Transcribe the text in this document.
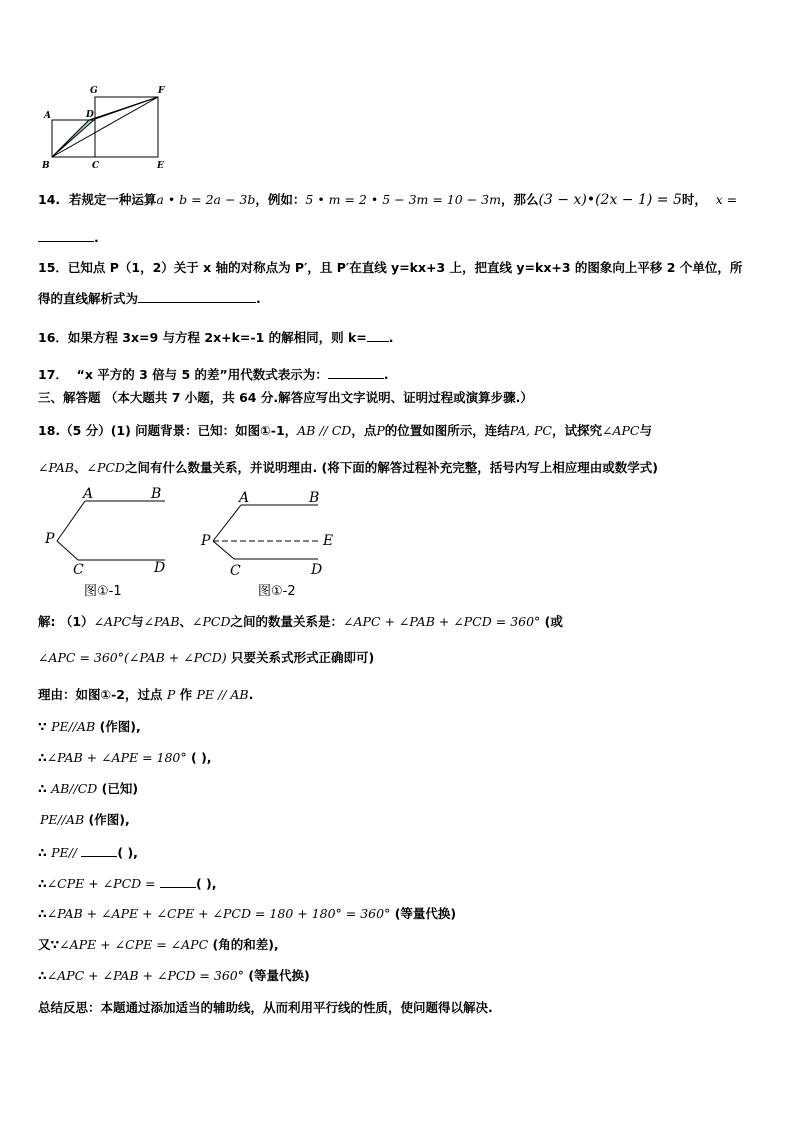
A
B	C
D
E
F
G
14. 若规定一种运算a • b = 2a − 3b，例如：5 • m = 2 • 5 − 3m = 10 − 3m，那么(3 − x)•(2x − 1) = 5时， x =
.
15．已知点 P（1，2）关于 x 轴的对称点为 P′，且 P′在直线 y=kx+3 上，把直线 y=kx+3 的图象向上平移 2 个单位，所
得的直线解析式为	.
16．如果方程 3x=9 与方程 2x+k=-1 的解相同，则 k= .
17． “x 平方的 3 倍与 5 的差”用代数式表示为：	.
三、解答题 （本大题共 7 小题，共 64 分.解答应写出文字说明、证明过程或演算步骤.）
18.（5 分）(1) 问题背景：已知：如图①-1，AB // CD，点P的位置如图所示，连结PA, PC，试探究∠APC与
∠PAB、∠PCD之间有什么数量关系，并说明理由. (将下面的解答过程补充完整，括号内写上相应理由或数学式)
A	B
P
C	D
图①-1
A	B
P	E
C	D
图①-2
解: （1）∠APC与∠PAB、∠PCD之间的数量关系是：∠APC + ∠PAB + ∠PCD = 360° (或
∠APC = 360°(∠PAB + ∠PCD) 只要关系式形式正确即可)
理由：如图①-2，过点 P 作 PE // AB.
∵ PE//AB (作图),
∴∠PAB + ∠APE = 180° ( ),
∴ AB//CD (已知)
PE//AB (作图),
∴ PE//	( ),
∴∠CPE + ∠PCD =	( ),
∴∠PAB + ∠APE + ∠CPE + ∠PCD = 180 + 180° = 360° (等量代换)
又∵∠APE + ∠CPE = ∠APC (角的和差),
∴∠APC + ∠PAB + ∠PCD = 360° (等量代换)
总结反思：本题通过添加适当的辅助线，从而利用平行线的性质，使问题得以解决.
